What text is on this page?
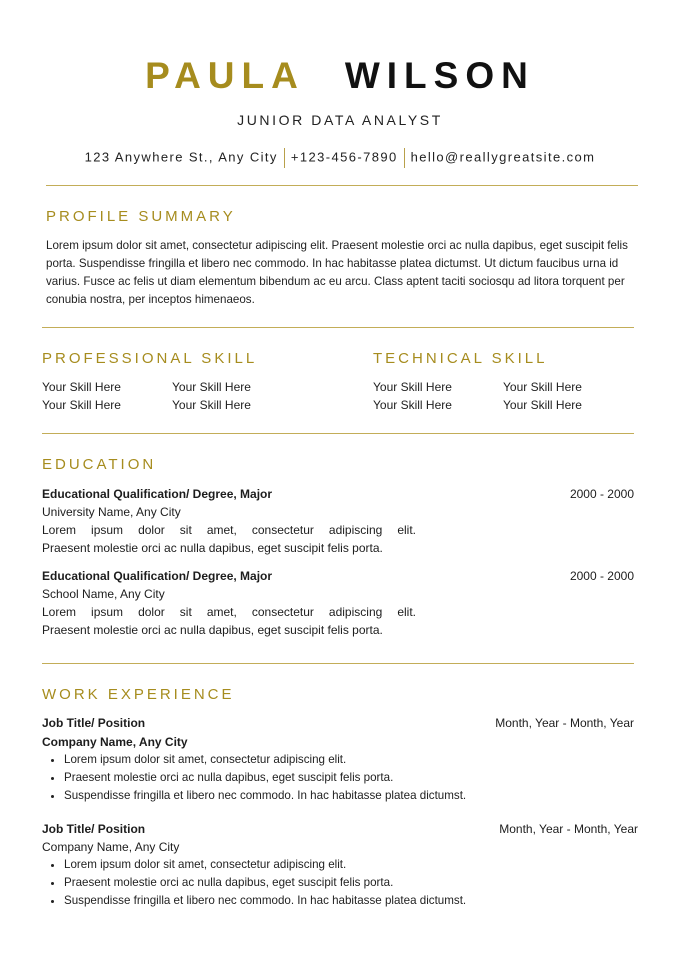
PAULA WILSON
JUNIOR DATA ANALYST
123 Anywhere St., Any City +123-456-7890 hello@reallygreatsite.com
PROFILE SUMMARY
Lorem ipsum dolor sit amet, consectetur adipiscing elit. Praesent molestie orci ac nulla dapibus, eget suscipit felis porta. Suspendisse fringilla et libero nec commodo. In hac habitasse platea dictumst. Ut dictum faucibus urna id varius. Fusce ac felis ut diam elementum bibendum ac eu arcu. Class aptent taciti sociosqu ad litora torquent per conubia nostra, per inceptos himenaeos.
PROFESSIONAL SKILL
Your Skill Here	Your Skill Here
Your Skill Here	Your Skill Here
TECHNICAL SKILL
Your Skill Here	Your Skill Here
Your Skill Here	Your Skill Here
EDUCATION
Educational Qualification/ Degree, Major	2000 - 2000
University Name, Any City
Lorem ipsum dolor sit amet, consectetur adipiscing elit.
Praesent molestie orci ac nulla dapibus, eget suscipit felis porta.
Educational Qualification/ Degree, Major	2000 - 2000
School Name, Any City
Lorem ipsum dolor sit amet, consectetur adipiscing elit.
Praesent molestie orci ac nulla dapibus, eget suscipit felis porta.
WORK EXPERIENCE
Job Title/ Position	Month, Year - Month, Year
Company Name, Any City
• Lorem ipsum dolor sit amet, consectetur adipiscing elit.
• Praesent molestie orci ac nulla dapibus, eget suscipit felis porta.
• Suspendisse fringilla et libero nec commodo. In hac habitasse platea dictumst.
Job Title/ Position	Month, Year - Month, Year
Company Name, Any City
• Lorem ipsum dolor sit amet, consectetur adipiscing elit.
• Praesent molestie orci ac nulla dapibus, eget suscipit felis porta.
• Suspendisse fringilla et libero nec commodo. In hac habitasse platea dictumst.
